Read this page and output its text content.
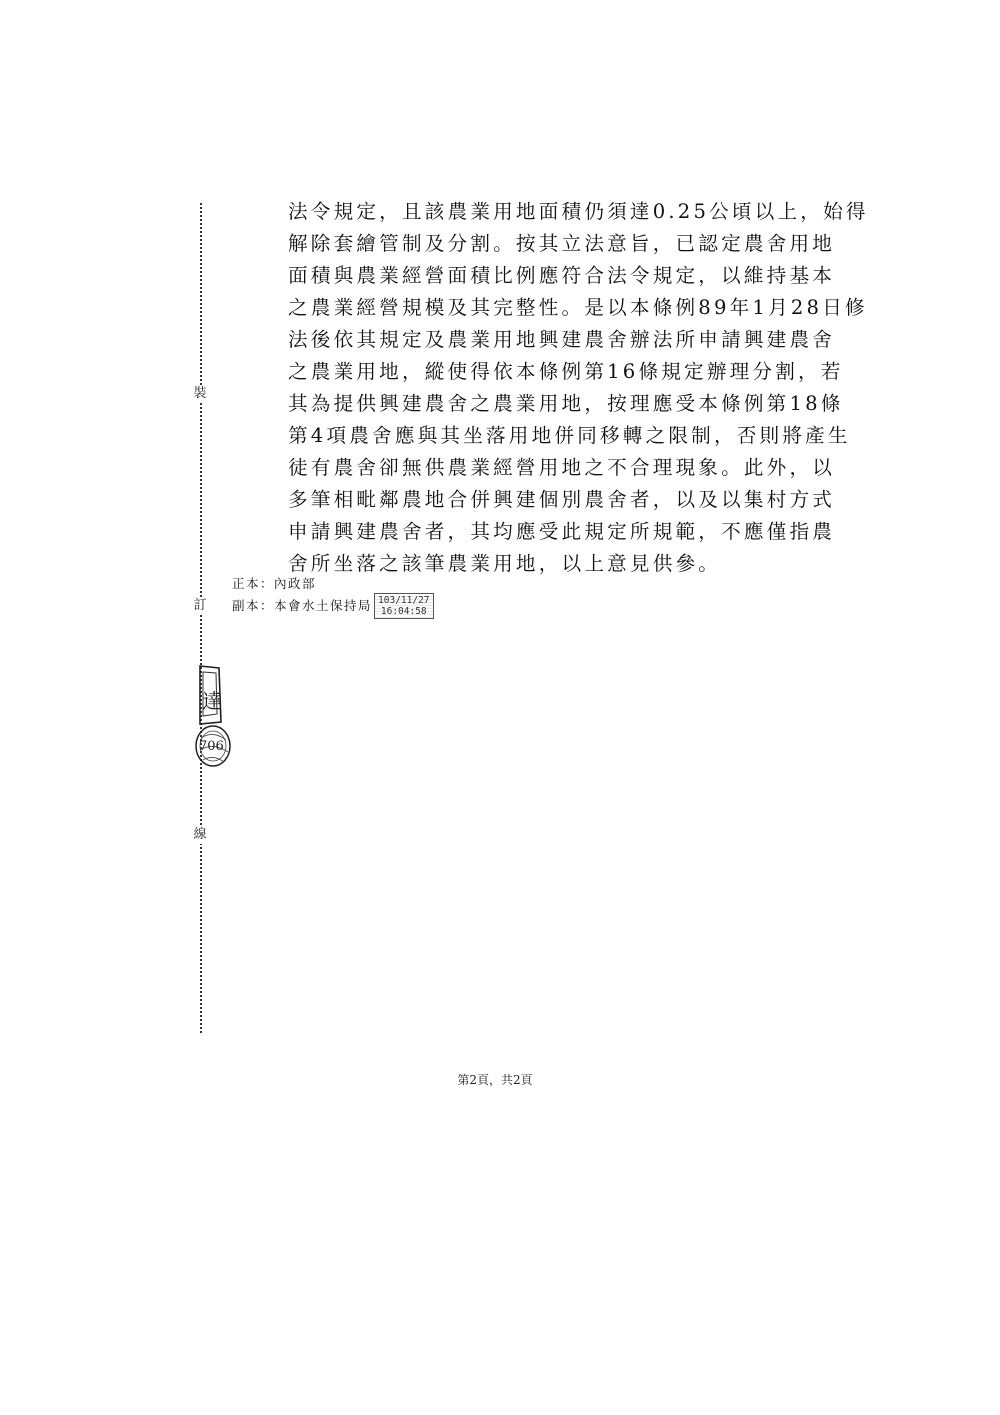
裝
訂
線
達
706
法令規定，且該農業用地面積仍須達0.25公頃以上，始得
解除套繪管制及分割。按其立法意旨，已認定農舍用地
面積與農業經營面積比例應符合法令規定，以維持基本
之農業經營規模及其完整性。是以本條例89年1月28日修
法後依其規定及農業用地興建農舍辦法所申請興建農舍
之農業用地，縱使得依本條例第16條規定辦理分割，若
其為提供興建農舍之農業用地，按理應受本條例第18條
第4項農舍應與其坐落用地併同移轉之限制，否則將產生
徒有農舍卻無供農業經營用地之不合理現象。此外，以
多筆相毗鄰農地合併興建個別農舍者，以及以集村方式
申請興建農舍者，其均應受此規定所規範，不應僅指農
舍所坐落之該筆農業用地，以上意見供參。
正本： 內政部
副本： 本會水土保持局 103/11/27
16:04:58
第2頁，共2頁
